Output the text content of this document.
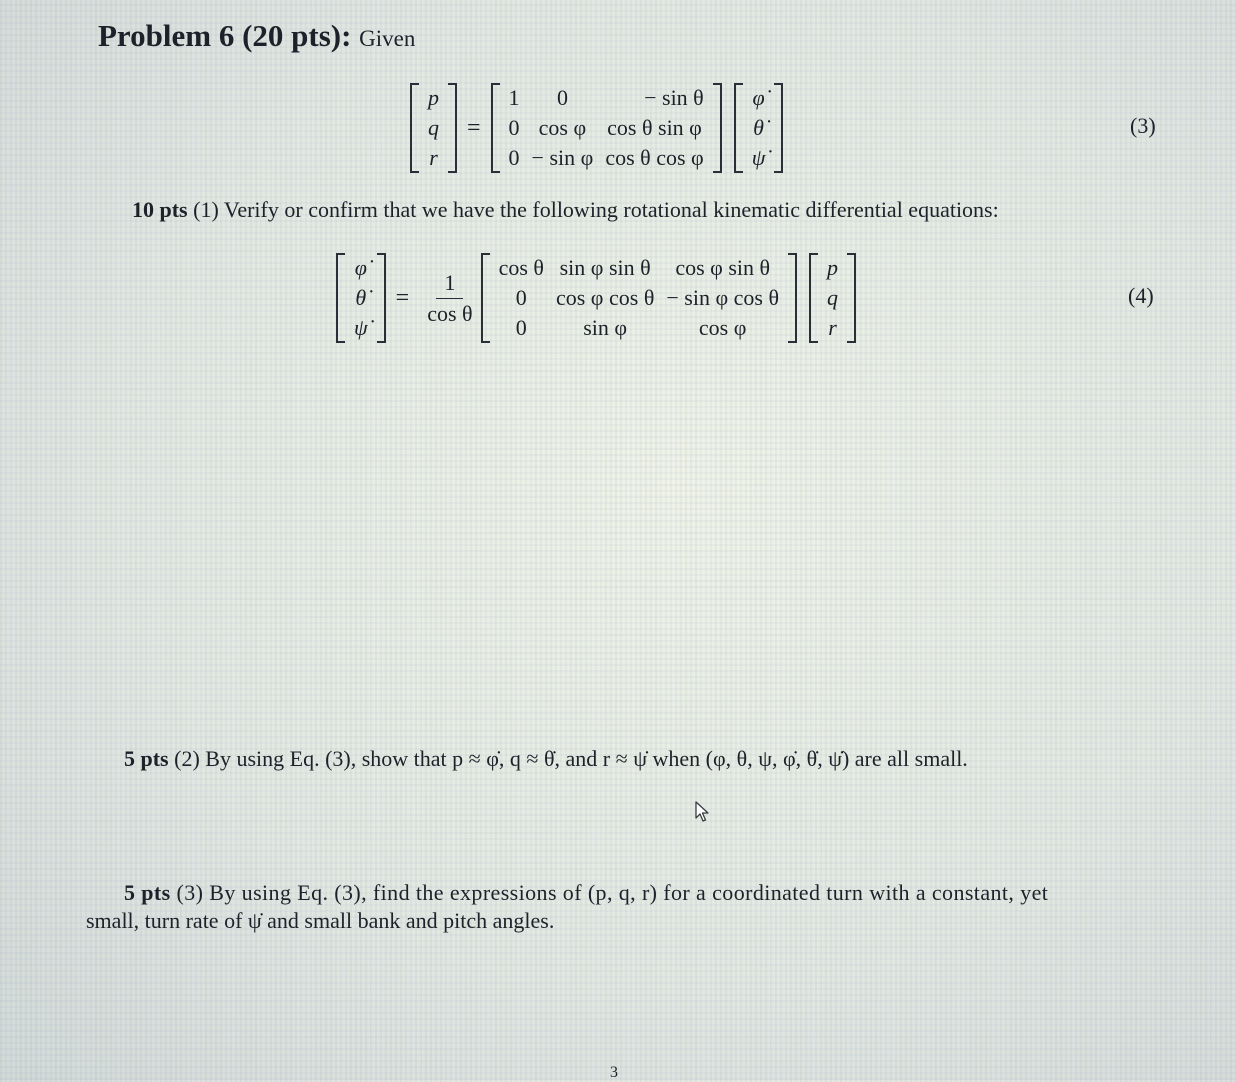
Problem 6 (20 pts): Given
p
q
r
=
1	0	− sin θ
0	cos φ	cos θ sin φ
0	− sin φ	cos θ cos φ
φ̇
θ̇
ψ̇
(3)
10 pts (1) Verify or confirm that we have the following rotational kinematic differential equations:
φ̇
θ̇
ψ̇
= $\frac{1}{\text{cos θ}}$
cos θ	sin φ sin θ	cos φ sin θ
0	cos φ cos θ	− sin φ cos θ
0	sin φ	cos φ
p
q
r
(4)
5 pts (2) By using Eq. (3), show that p ≈ φ̇, q ≈ θ̇, and r ≈ ψ̇ when (φ, θ, ψ, φ̇, θ̇, ψ̇) are all small.
5 pts (3) By using Eq. (3), find the expressions of (p, q, r) for a coordinated turn with a constant, yet
small, turn rate of ψ̇ and small bank and pitch angles.
3
